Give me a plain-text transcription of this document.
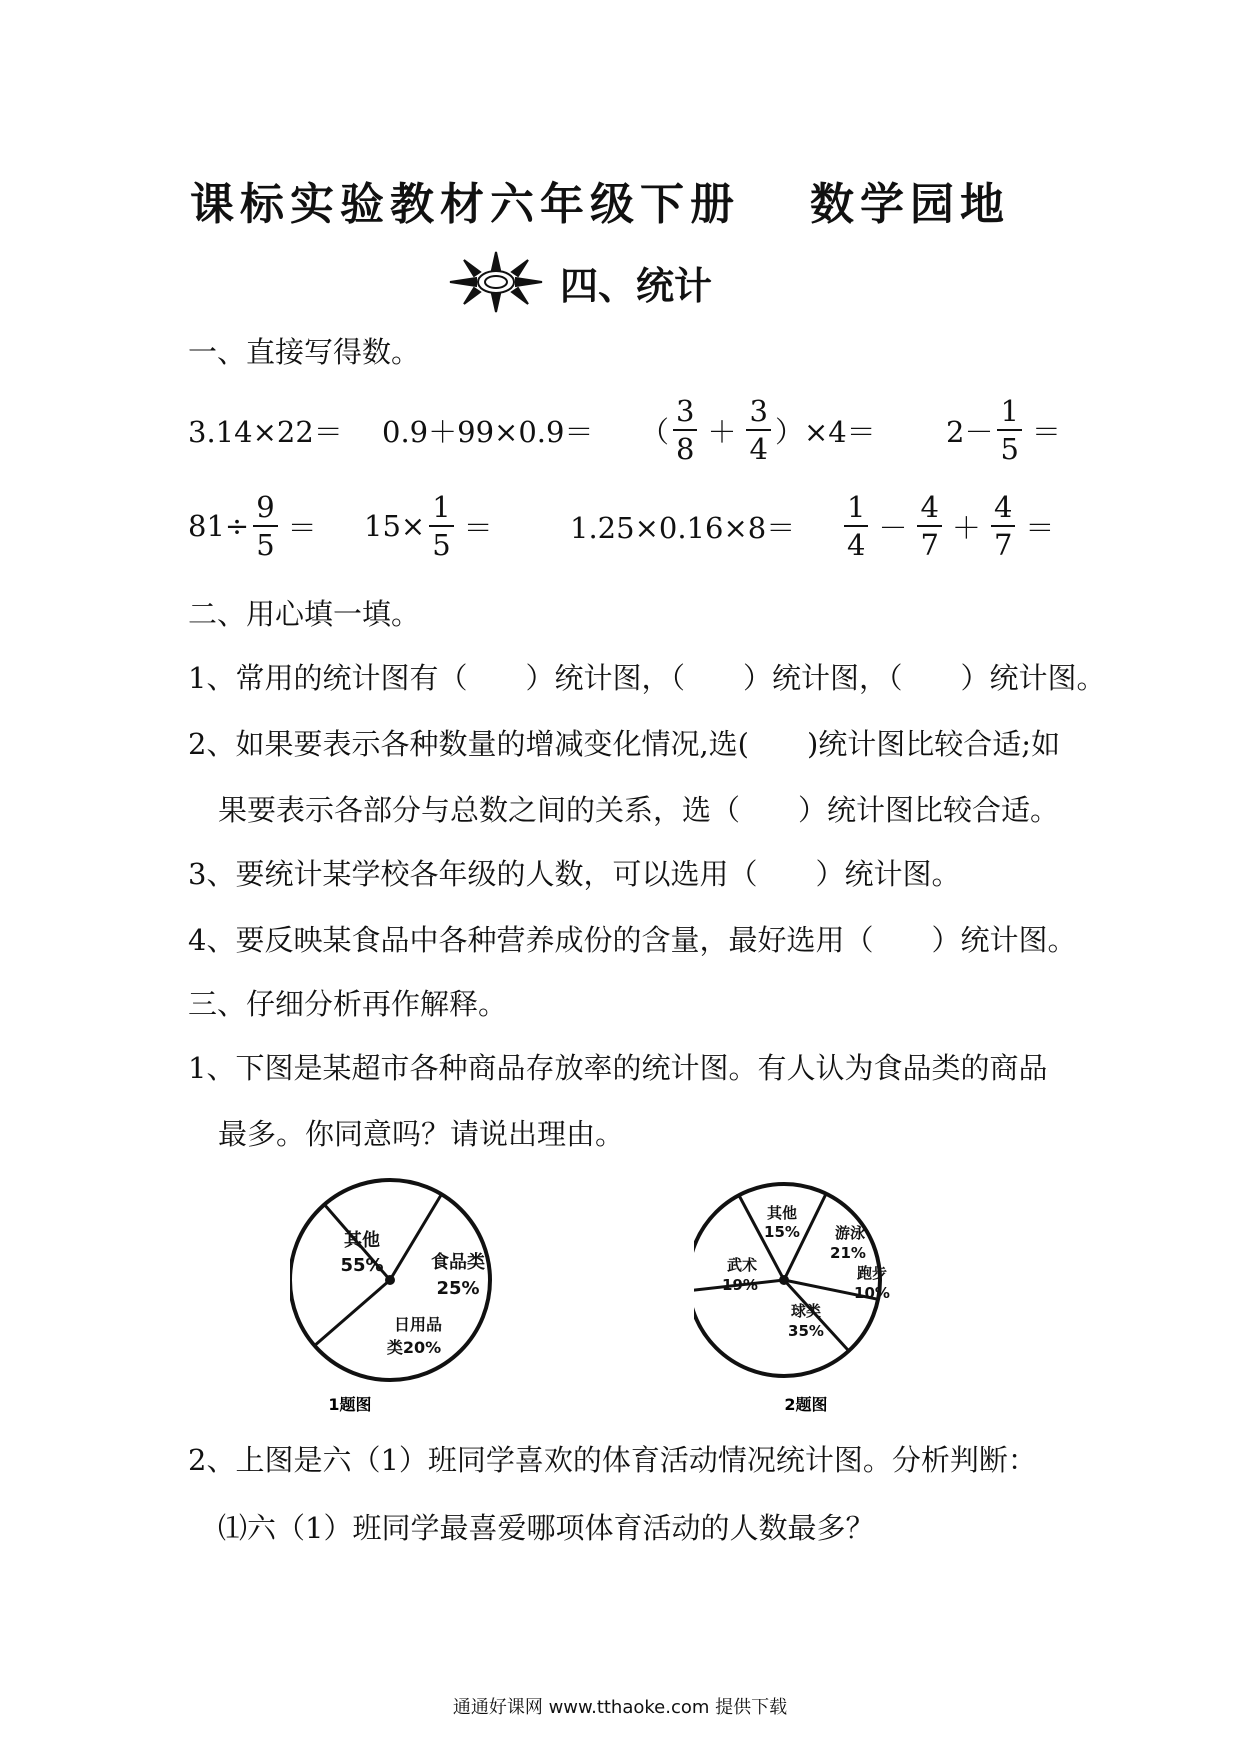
课标实验教材六年级下册 数学园地
四、统计
一、直接写得数。
3.14×22＝ 0.9＋99×0.9＝ （ $\frac{3}{8} + \frac{3}{4} )\times 4= 2- \frac{1}{5}$ ＝
$81\div \frac{9}{5} = 15\times \frac{1}{5}$ ＝	$1.25\times 0.16\times 8= \frac{1}{4} - \frac{4}{7} + \frac{4}{7}$ ＝
二、用心填一填。
1、常用的统计图有（　　）统计图，（　　）统计图，（　　）统计图。
2、如果要表示各种数量的增减变化情况,选(　　)统计图比较合适;如
果要表示各部分与总数之间的关系，选（　　）统计图比较合适。
3、要统计某学校各年级的人数，可以选用（　　）统计图。
4、要反映某食品中各种营养成份的含量，最好选用（　　）统计图。
三、仔细分析再作解释。
1、下图是某超市各种商品存放率的统计图。有人认为食品类的商品
最多。你同意吗？请说出理由。
其他
55%	食品类
25%
日用品
类20%
1题图
其他
15% 游泳
21%
跑步
10%
球类
35%
武术
19%
2题图
2、上图是六（1）班同学喜欢的体育活动情况统计图。分析判断：
⑴六（1）班同学最喜爱哪项体育活动的人数最多？
通通好课网 www.tthaoke.com 提供下载
